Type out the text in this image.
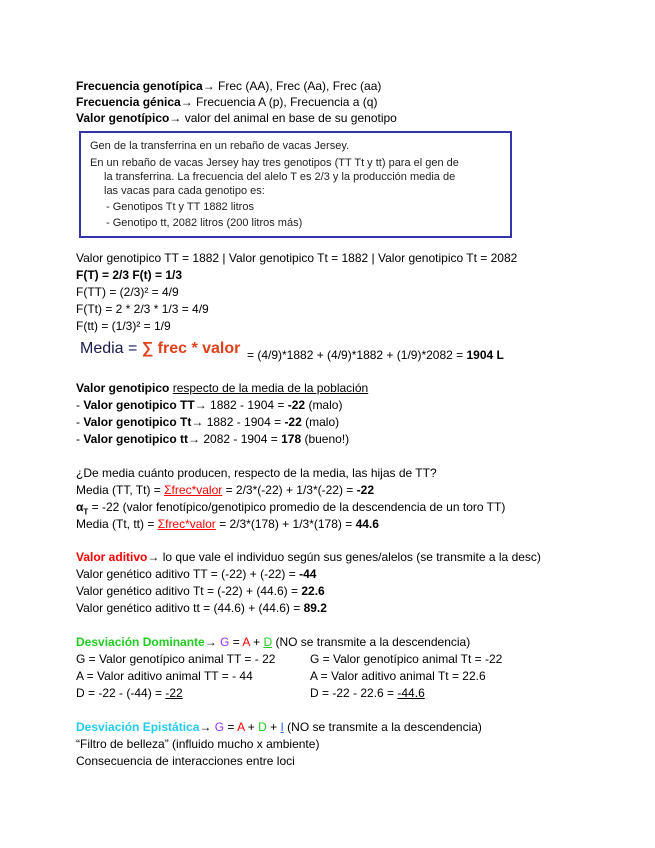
Frecuencia genotípica→ Frec (AA), Frec (Aa), Frec (aa)
Frecuencia génica→ Frecuencia A (p), Frecuencia a (q)
Valor genotípico→ valor del animal en base de su genotipo
Gen de la transferrina en un rebaño de vacas Jersey.
En un rebaño de vacas Jersey hay tres genotipos (TT Tt y tt) para el gen de
la transferrina. La frecuencia del alelo T es 2/3 y la producción media de
las vacas para cada genotipo es:
- Genotipos Tt y TT 1882 litros
- Genotipo tt, 2082 litros (200 litros más)
Valor genotipico TT = 1882 | Valor genotipico Tt = 1882 | Valor genotipico Tt = 2082
F(T) = 2/3 F(t) = 1/3
F(TT) = (2/3)² = 4/9
F(Tt) = 2 * 2/3 * 1/3 = 4/9
F(tt) = (1/3)² = 1/9
Media = ∑ frec * valor = (4/9)*1882 + (4/9)*1882 + (1/9)*2082 = 1904 L
Valor genotipico respecto de la media de la población
- Valor genotipico TT→ 1882 - 1904 = -22 (malo)
- Valor genotipico Tt→ 1882 - 1904 = -22 (malo)
- Valor genotipico tt→ 2082 - 1904 = 178 (bueno!)
¿De media cuánto producen, respecto de la media, las hijas de TT?
Media (TT, Tt) = Σfrec*valor = 2/3*(-22) + 1/3*(-22) = -22
$\alpha_T = -22$ (valor fenotípico/genotipico promedio de la descendencia de un toro TT)
Media (Tt, tt) = Σfrec*valor = 2/3*(178) + 1/3*(178) = 44.6
Valor aditivo→ lo que vale el individuo según sus genes/alelos (se transmite a la desc)
Valor genético aditivo TT = (-22) + (-22) = -44
Valor genético aditivo Tt = (-22) + (44.6) = 22.6
Valor genético aditivo tt = (44.6) + (44.6) = 89.2
Desviación Dominante→ G = A + D (NO se transmite a la descendencia)
G = Valor genotípico animal TT = - 22
A = Valor aditivo animal TT = - 44
D = -22 - (-44) = -22
G = Valor genotípico animal Tt = -22
A = Valor aditivo animal Tt = 22.6
D = -22 - 22.6 = -44.6
Desviación Epistática→ G = A + D + I (NO se transmite a la descendencia)
“Filtro de belleza” (influido mucho x ambiente)
Consecuencia de interacciones entre loci
